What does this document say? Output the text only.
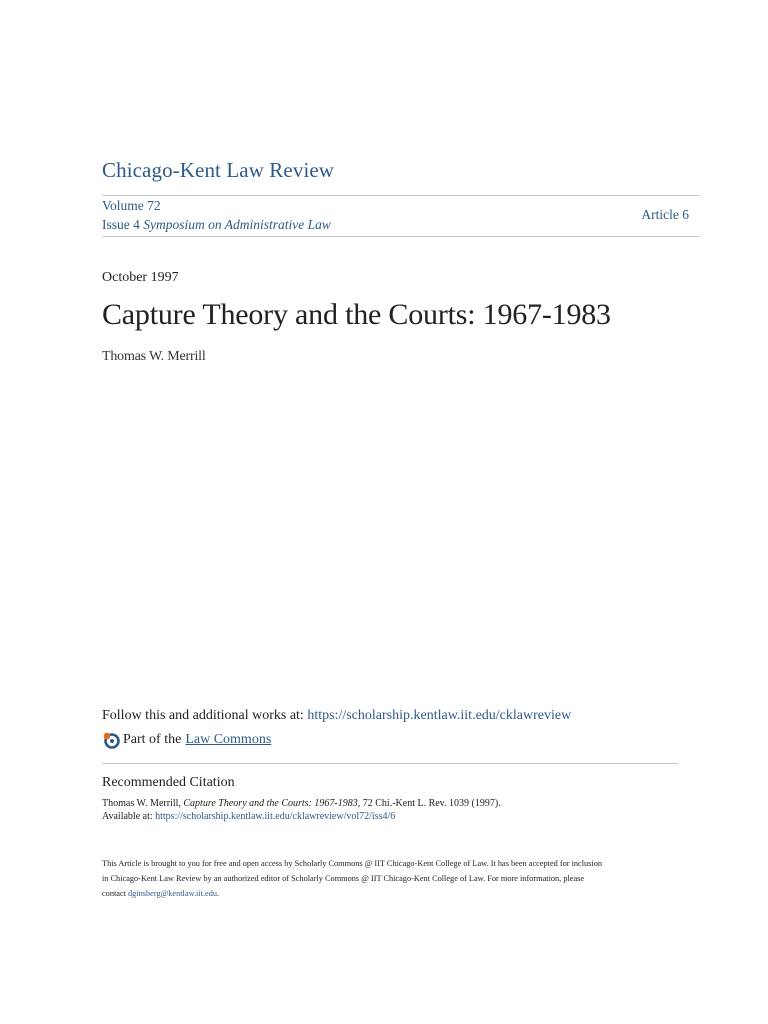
Chicago-Kent Law Review
Volume 72
Issue 4 Symposium on Administrative Law
Article 6
October 1997
Capture Theory and the Courts: 1967-1983
Thomas W. Merrill
Follow this and additional works at: https://scholarship.kentlaw.iit.edu/cklawreview
Part of the Law Commons
Recommended Citation
Thomas W. Merrill, Capture Theory and the Courts: 1967-1983, 72 Chi.-Kent L. Rev. 1039 (1997).
Available at: https://scholarship.kentlaw.iit.edu/cklawreview/vol72/iss4/6
This Article is brought to you for free and open access by Scholarly Commons @ IIT Chicago-Kent College of Law. It has been accepted for inclusion
in Chicago-Kent Law Review by an authorized editor of Scholarly Commons @ IIT Chicago-Kent College of Law. For more information, please
contact dginsberg@kentlaw.iit.edu.
